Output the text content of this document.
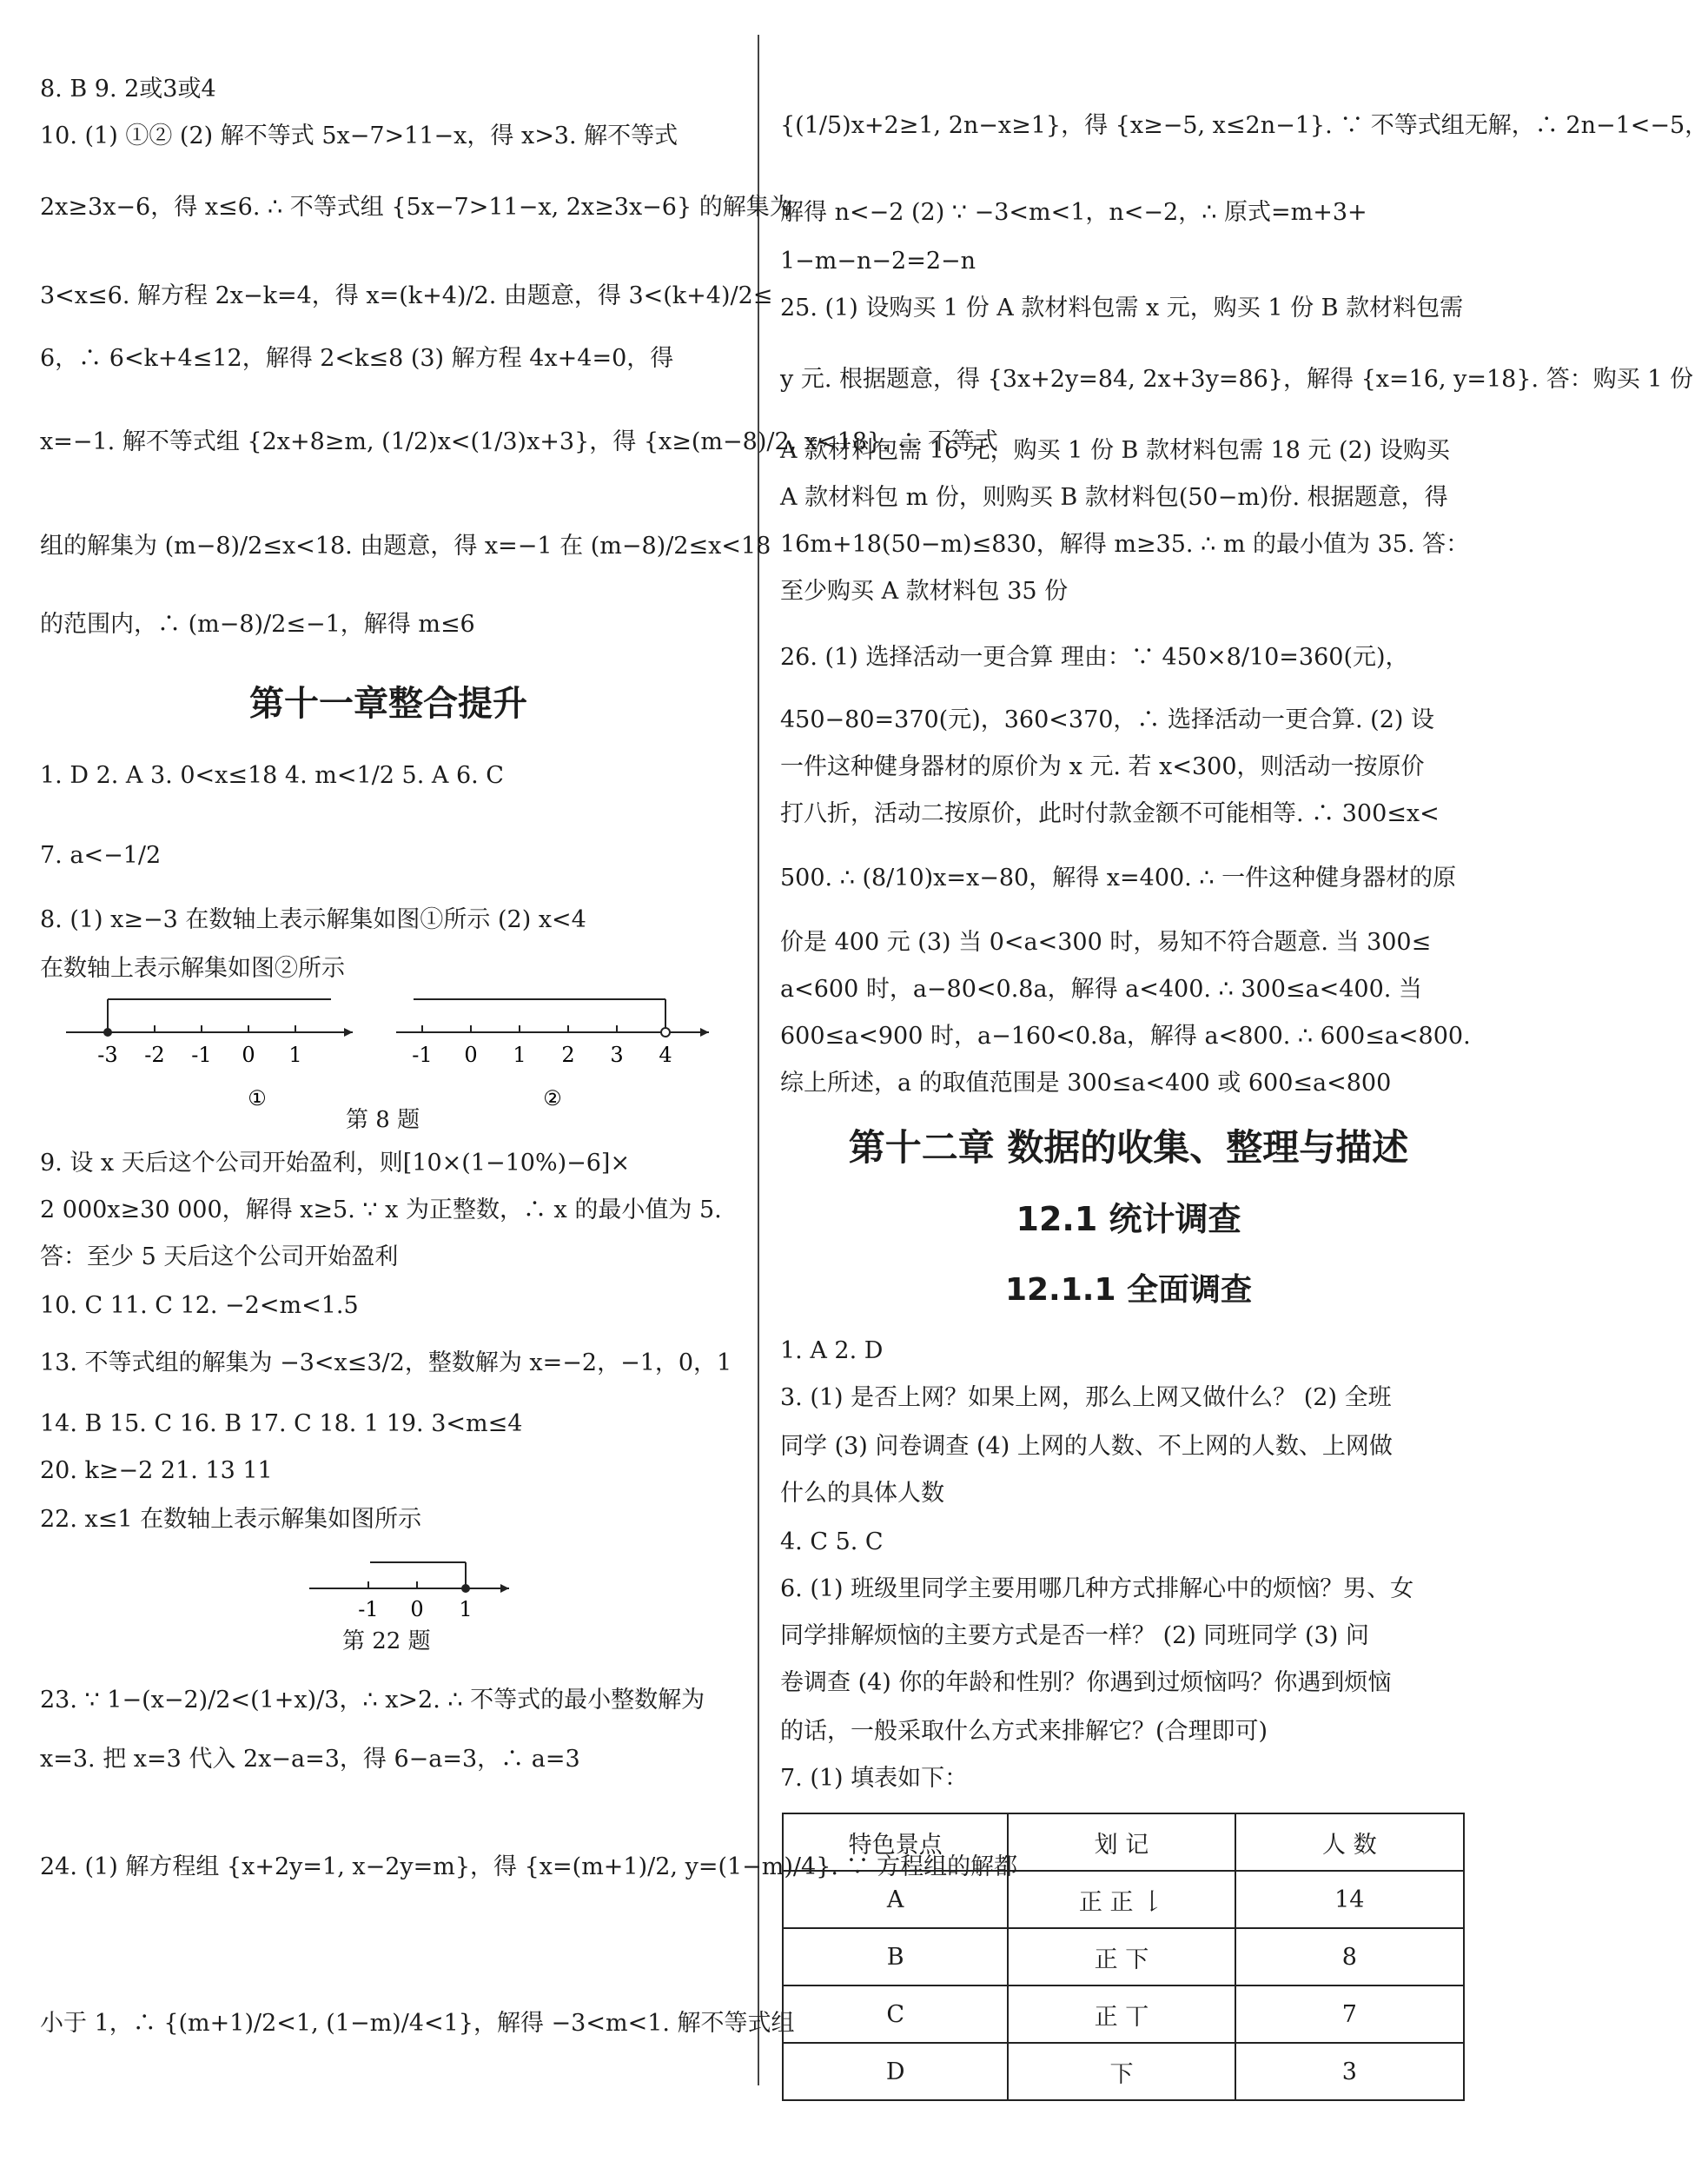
8. B 9. 2或3或4
10. (1) ①② (2) 解不等式 5x−7>11−x，得 x>3. 解不等式
2x≥3x−6，得 x≤6. ∴ 不等式组 {5x−7>11−x, 2x≥3x−6} 的解集为
3<x≤6. 解方程 2x−k=4，得 x=(k+4)/2. 由题意，得 3<(k+4)/2≤
6，∴ 6<k+4≤12，解得 2<k≤8 (3) 解方程 4x+4=0，得
x=−1. 解不等式组 {2x+8≥m, (1/2)x<(1/3)x+3}，得 {x≥(m−8)/2, x<18}. ∴ 不等式
组的解集为 (m−8)/2≤x<18. 由题意，得 x=−1 在 (m−8)/2≤x<18
的范围内，∴ (m−8)/2≤−1，解得 m≤6
第十一章整合提升
1. D 2. A 3. 0<x≤18 4. m<1/2 5. A 6. C
7. a<−1/2
8. (1) x≥−3 在数轴上表示解集如图①所示 (2) x<4
在数轴上表示解集如图②所示
-3 -2 -1 0 1
①
-1 0 1 2 3 4
②
第 8 题
9. 设 x 天后这个公司开始盈利，则[10×(1−10%)−6]×
2 000x≥30 000，解得 x≥5. ∵ x 为正整数，∴ x 的最小值为 5.
答：至少 5 天后这个公司开始盈利
10. C 11. C 12. −2<m<1.5
13. 不等式组的解集为 −3<x≤3/2，整数解为 x=−2，−1，0，1
14. B 15. C 16. B 17. C 18. 1 19. 3<m≤4
20. k≥−2 21. 13 11
22. x≤1 在数轴上表示解集如图所示
-1 0 1
第 22 题
23. ∵ 1−(x−2)/2<(1+x)/3，∴ x>2. ∴ 不等式的最小整数解为
x=3. 把 x=3 代入 2x−a=3，得 6−a=3，∴ a=3
24. (1) 解方程组 {x+2y=1, x−2y=m}，得 {x=(m+1)/2, y=(1−m)/4}. ∵ 方程组的解都
小于 1，∴ {(m+1)/2<1, (1−m)/4<1}，解得 −3<m<1. 解不等式组
{(1/5)x+2≥1, 2n−x≥1}，得 {x≥−5, x≤2n−1}. ∵ 不等式组无解，∴ 2n−1<−5，
解得 n<−2 (2) ∵ −3<m<1，n<−2，∴ 原式=m+3+
1−m−n−2=2−n
25. (1) 设购买 1 份 A 款材料包需 x 元，购买 1 份 B 款材料包需
y 元. 根据题意，得 {3x+2y=84, 2x+3y=86}，解得 {x=16, y=18}. 答：购买 1 份
A 款材料包需 16 元，购买 1 份 B 款材料包需 18 元 (2) 设购买
A 款材料包 m 份，则购买 B 款材料包(50−m)份. 根据题意，得
16m+18(50−m)≤830，解得 m≥35. ∴ m 的最小值为 35. 答：
至少购买 A 款材料包 35 份
26. (1) 选择活动一更合算 理由：∵ 450×8/10=360(元)，
450−80=370(元)，360<370，∴ 选择活动一更合算. (2) 设
一件这种健身器材的原价为 x 元. 若 x<300，则活动一按原价
打八折，活动二按原价，此时付款金额不可能相等. ∴ 300≤x<
500. ∴ (8/10)x=x−80，解得 x=400. ∴ 一件这种健身器材的原
价是 400 元 (3) 当 0<a<300 时，易知不符合题意. 当 300≤
a<600 时，a−80<0.8a，解得 a<400. ∴ 300≤a<400. 当
600≤a<900 时，a−160<0.8a，解得 a<800. ∴ 600≤a<800.
综上所述，a 的取值范围是 300≤a<400 或 600≤a<800
第十二章 数据的收集、整理与描述
12.1 统计调查
12.1.1 全面调查
1. A 2. D
3. (1) 是否上网？如果上网，那么上网又做什么？ (2) 全班
同学 (3) 问卷调查 (4) 上网的人数、不上网的人数、上网做
什么的具体人数
4. C 5. C
6. (1) 班级里同学主要用哪几种方式排解心中的烦恼？男、女
同学排解烦恼的主要方式是否一样？ (2) 同班同学 (3) 问
卷调查 (4) 你的年龄和性别？你遇到过烦恼吗？你遇到烦恼
的话，一般采取什么方式来排解它？(合理即可)
7. (1) 填表如下：
特色景点	划 记	人 数
A	正 正 𠄌	14
B	正 下	8
C	正 丅	7
D	下	3
